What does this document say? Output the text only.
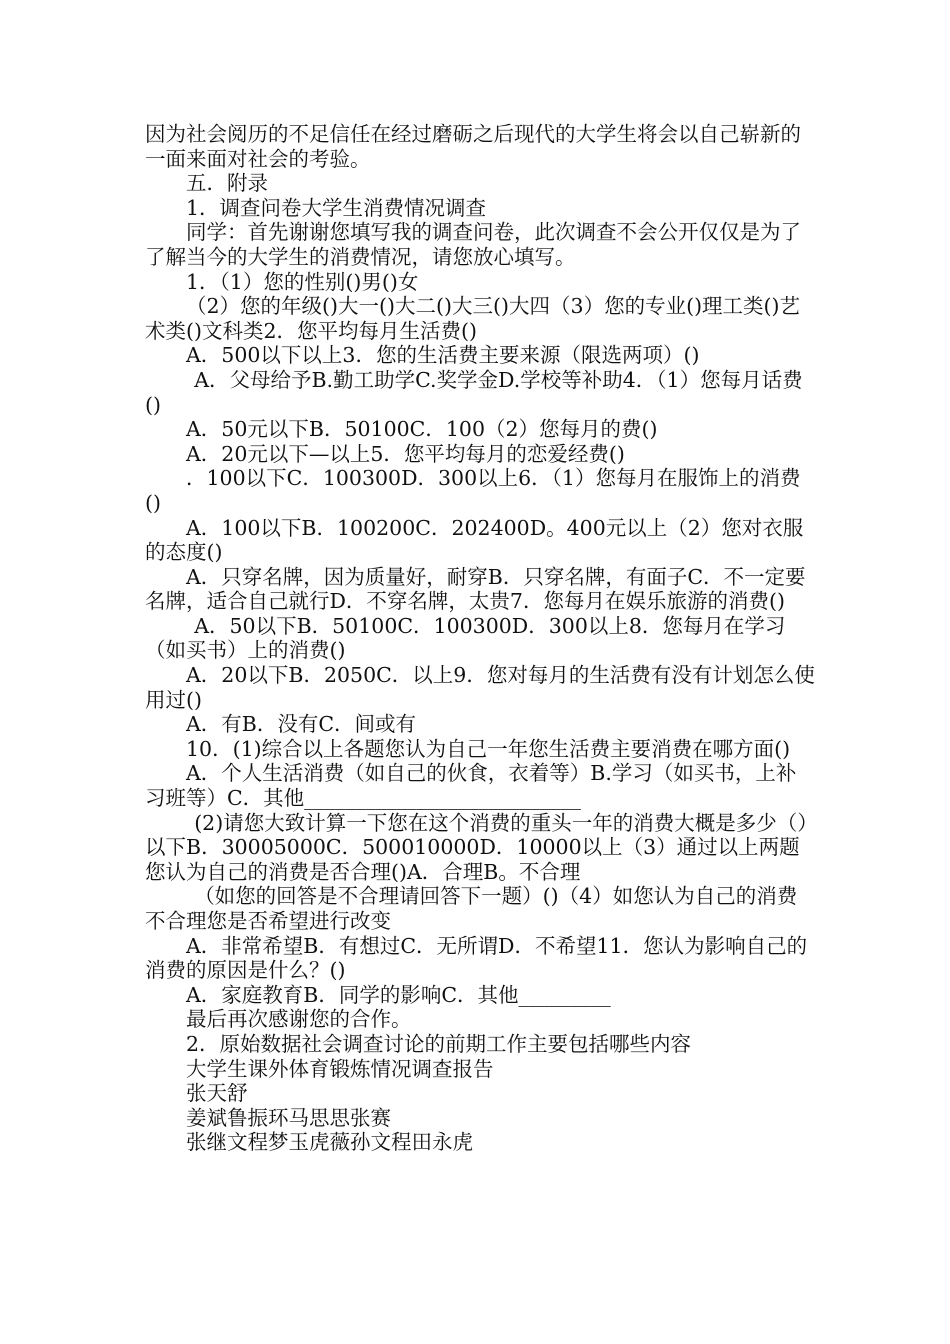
因为社会阅历的不足信任在经过磨砺之后现代的大学生将会以自己崭新的一面来面对社会的考验。

五．附录

1．调查问卷大学生消费情况调查

同学：首先谢谢您填写我的调查问卷，此次调查不会公开仅仅是为了了解当今的大学生的消费情况，请您放心填写。

1．（1）您的性别()男()女

（2）您的年级()大一()大二()大三()大四（3）您的专业()理工类()艺术类()文科类2．您平均每月生活费()

A．500以下以上3．您的生活费主要来源（限选两项）()

A．父母给予B.勤工助学C.奖学金D.学校等补助4．（1）您每月话费()

A．50元以下B．50100C．100（2）您每月的费()

A．20元以下—以上5．您平均每月的恋爱经费()

．100以下C．100300D．300以上6．（1）您每月在服饰上的消费()

A．100以下B．100200C．202400D。400元以上（2）您对衣服的态度()

A．只穿名牌，因为质量好，耐穿B．只穿名牌，有面子C．不一定要名牌，适合自己就行D．不穿名牌，太贵7．您每月在娱乐旅游的消费()

A．50以下B．50100C．100300D．300以上8．您每月在学习（如买书）上的消费()

A．20以下B．2050C．以上9．您对每月的生活费有没有计划怎么使用过()

A．有B．没有C．间或有

10．(1)综合以上各题您认为自己一年您生活费主要消费在哪方面()

A．个人生活消费（如自己的伙食，衣着等）B.学习（如买书，上补习班等）C．其他___________________________

(2)请您大致计算一下您在这个消费的重头一年的消费大概是多少（）以下B．30005000C．500010000D．10000以上（3）通过以上两题您认为自己的消费是否合理()A．合理B。不合理

（如您的回答是不合理请回答下一题）()（4）如您认为自己的消费不合理您是否希望进行改变

A．非常希望B．有想过C．无所谓D．不希望11．您认为影响自己的消费的原因是什么？()

A．家庭教育B．同学的影响C．其他_________

最后再次感谢您的合作。

2．原始数据社会调查讨论的前期工作主要包括哪些内容

大学生课外体育锻炼情况调查报告

张天舒

姜斌鲁振环马思思张赛

张继文程梦玉虎薇孙文程田永虎
